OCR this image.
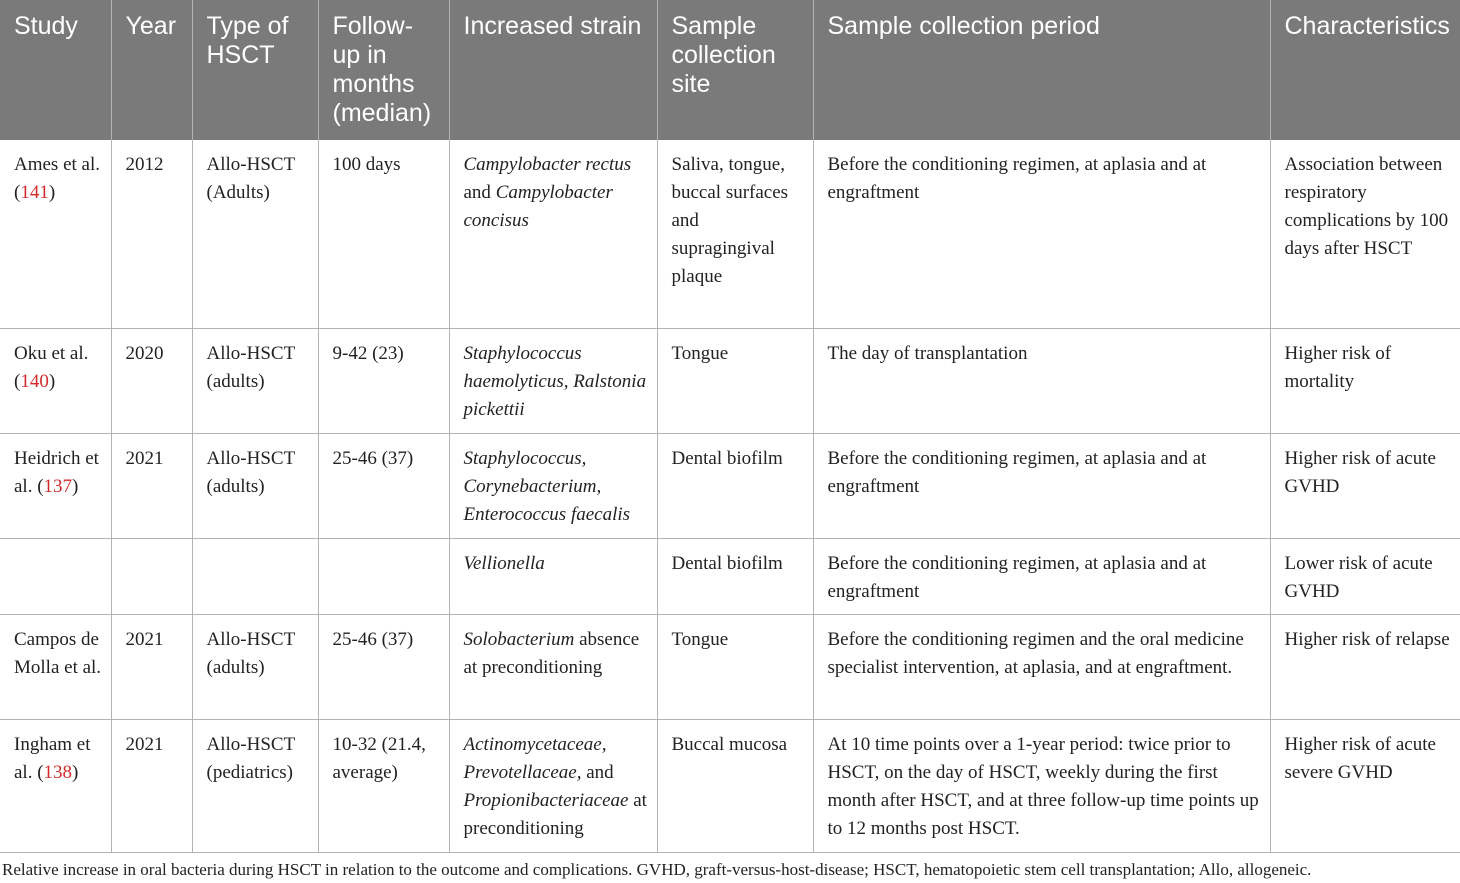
Study	Year	Type of HSCT	Follow-up in months (median)	Increased strain	Sample collection site	Sample collection period	Characteristics
Ames et al. (141)	2012	Allo-HSCT (Adults)	100 days	Campylobacter rectus and Campylobacter concisus	Saliva, tongue, buccal surfaces and supragingival plaque	Before the conditioning regimen, at aplasia and at engraftment	Association between respiratory complications by 100 days after HSCT
Oku et al. (140)	2020	Allo-HSCT (adults)	9-42 (23)	Staphylococcus haemolyticus, Ralstonia pickettii	Tongue	The day of transplantation	Higher risk of mortality
Heidrich et al. (137)	2021	Allo-HSCT (adults)	25-46 (37)	Staphylococcus, Corynebacterium, Enterococcus faecalis	Dental biofilm	Before the conditioning regimen, at aplasia and at engraftment	Higher risk of acute GVHD
				Vellionella	Dental biofilm	Before the conditioning regimen, at aplasia and at engraftment	Lower risk of acute GVHD
Campos de Molla et al.	2021	Allo-HSCT (adults)	25-46 (37)	Solobacterium absence at preconditioning	Tongue	Before the conditioning regimen and the oral medicine specialist intervention, at aplasia, and at engraftment.	Higher risk of relapse
Ingham et al. (138)	2021	Allo-HSCT (pediatrics)	10-32 (21.4, average)	Actinomycetaceae, Prevotellaceae, and Propionibacteriaceae at preconditioning	Buccal mucosa	At 10 time points over a 1-year period: twice prior to HSCT, on the day of HSCT, weekly during the first month after HSCT, and at three follow-up time points up to 12 months post HSCT.	Higher risk of acute severe GVHD
Relative increase in oral bacteria during HSCT in relation to the outcome and complications. GVHD, graft-versus-host-disease; HSCT, hematopoietic stem cell transplantation; Allo, allogeneic.
